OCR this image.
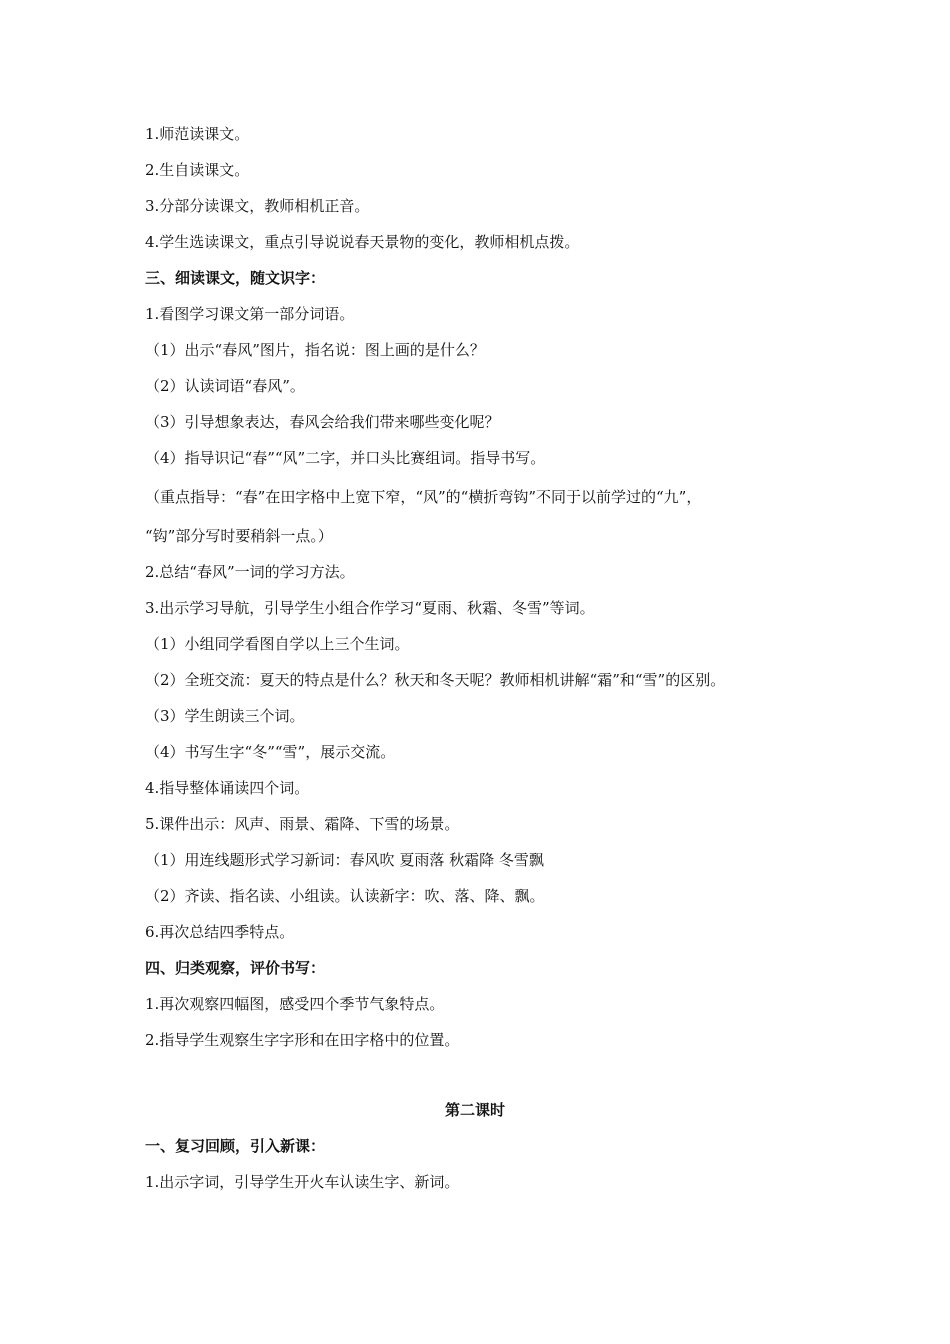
1.师范读课文。
2.生自读课文。
3.分部分读课文，教师相机正音。
4.学生选读课文，重点引导说说春天景物的变化，教师相机点拨。
三、细读课文，随文识字：
1.看图学习课文第一部分词语。
（1）出示“春风”图片，指名说：图上画的是什么？
（2）认读词语“春风”。
（3）引导想象表达，春风会给我们带来哪些变化呢？
（4）指导识记“春”“风”二字，并口头比赛组词。指导书写。
（重点指导：“春”在田字格中上宽下窄，“风”的“横折弯钩”不同于以前学过的“九”，
“钩”部分写时要稍斜一点。）
2.总结“春风”一词的学习方法。
3.出示学习导航，引导学生小组合作学习“夏雨、秋霜、冬雪”等词。
（1）小组同学看图自学以上三个生词。
（2）全班交流：夏天的特点是什么？秋天和冬天呢？教师相机讲解“霜”和“雪”的区别。
（3）学生朗读三个词。
（4）书写生字“冬”“雪”，展示交流。
4.指导整体诵读四个词。
5.课件出示：风声、雨景、霜降、下雪的场景。
（1）用连线题形式学习新词：春风吹 夏雨落 秋霜降 冬雪飘
（2）齐读、指名读、小组读。认读新字：吹、落、降、飘。
6.再次总结四季特点。
四、归类观察，评价书写：
1.再次观察四幅图，感受四个季节气象特点。
2.指导学生观察生字字形和在田字格中的位置。
第二课时
一、复习回顾，引入新课：
1.出示字词，引导学生开火车认读生字、新词。
